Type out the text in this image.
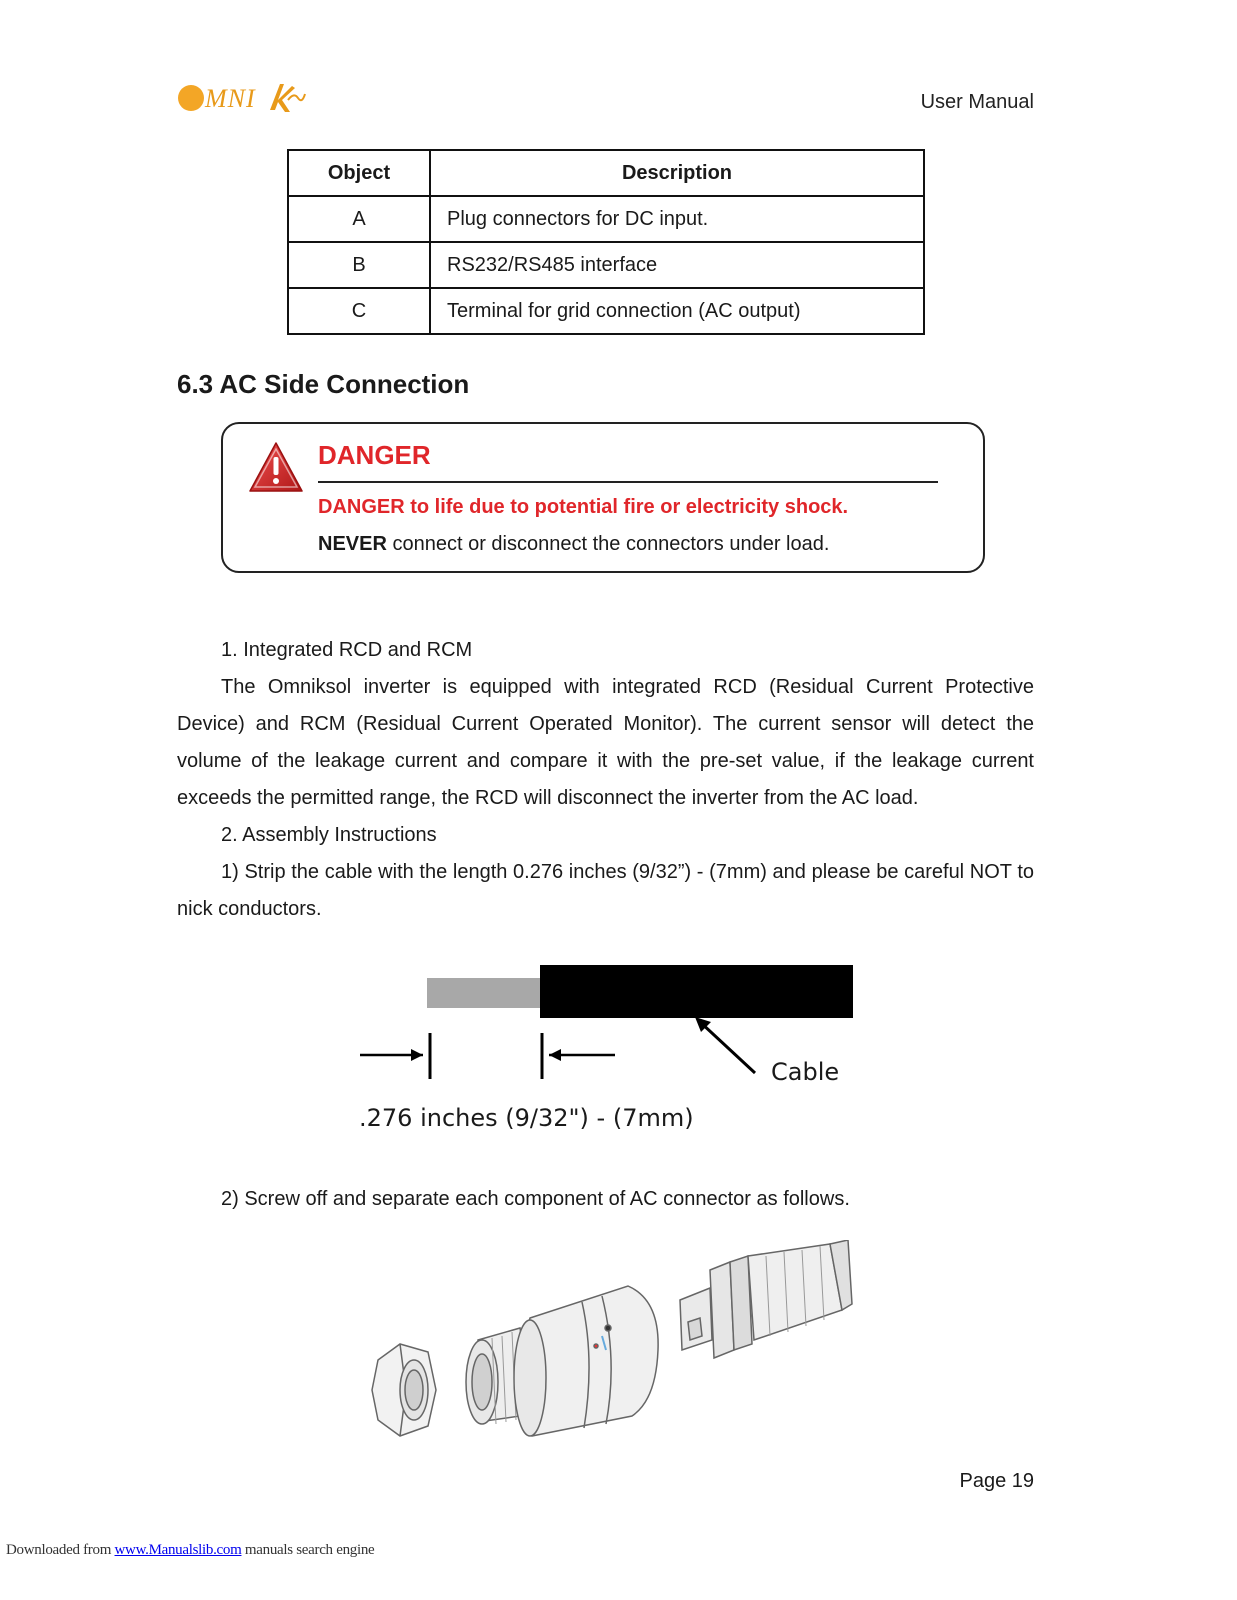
MNI	User Manual
Object	Description
A	Plug connectors for DC input.
B	RS232/RS485 interface
C	Terminal for grid connection (AC output)
6.3 AC Side Connection
DANGER
DANGER to life due to potential fire or electricity shock.
NEVER connect or disconnect the connectors under load.
1. Integrated RCD and RCM
The Omniksol inverter is equipped with integrated RCD (Residual Current Protective Device) and RCM (Residual Current Operated Monitor). The current sensor will detect the volume of the leakage current and compare it with the pre-set value, if the leakage current exceeds the permitted range, the RCD will disconnect the inverter from the AC load.
2. Assembly Instructions
1) Strip the cable with the length 0.276 inches (9/32”) - (7mm) and please be careful NOT to nick conductors.
Cable
.276 inches (9/32") - (7mm)
2) Screw off and separate each component of AC connector as follows.
Page 19
Downloaded from www.Manualslib.com manuals search engine
